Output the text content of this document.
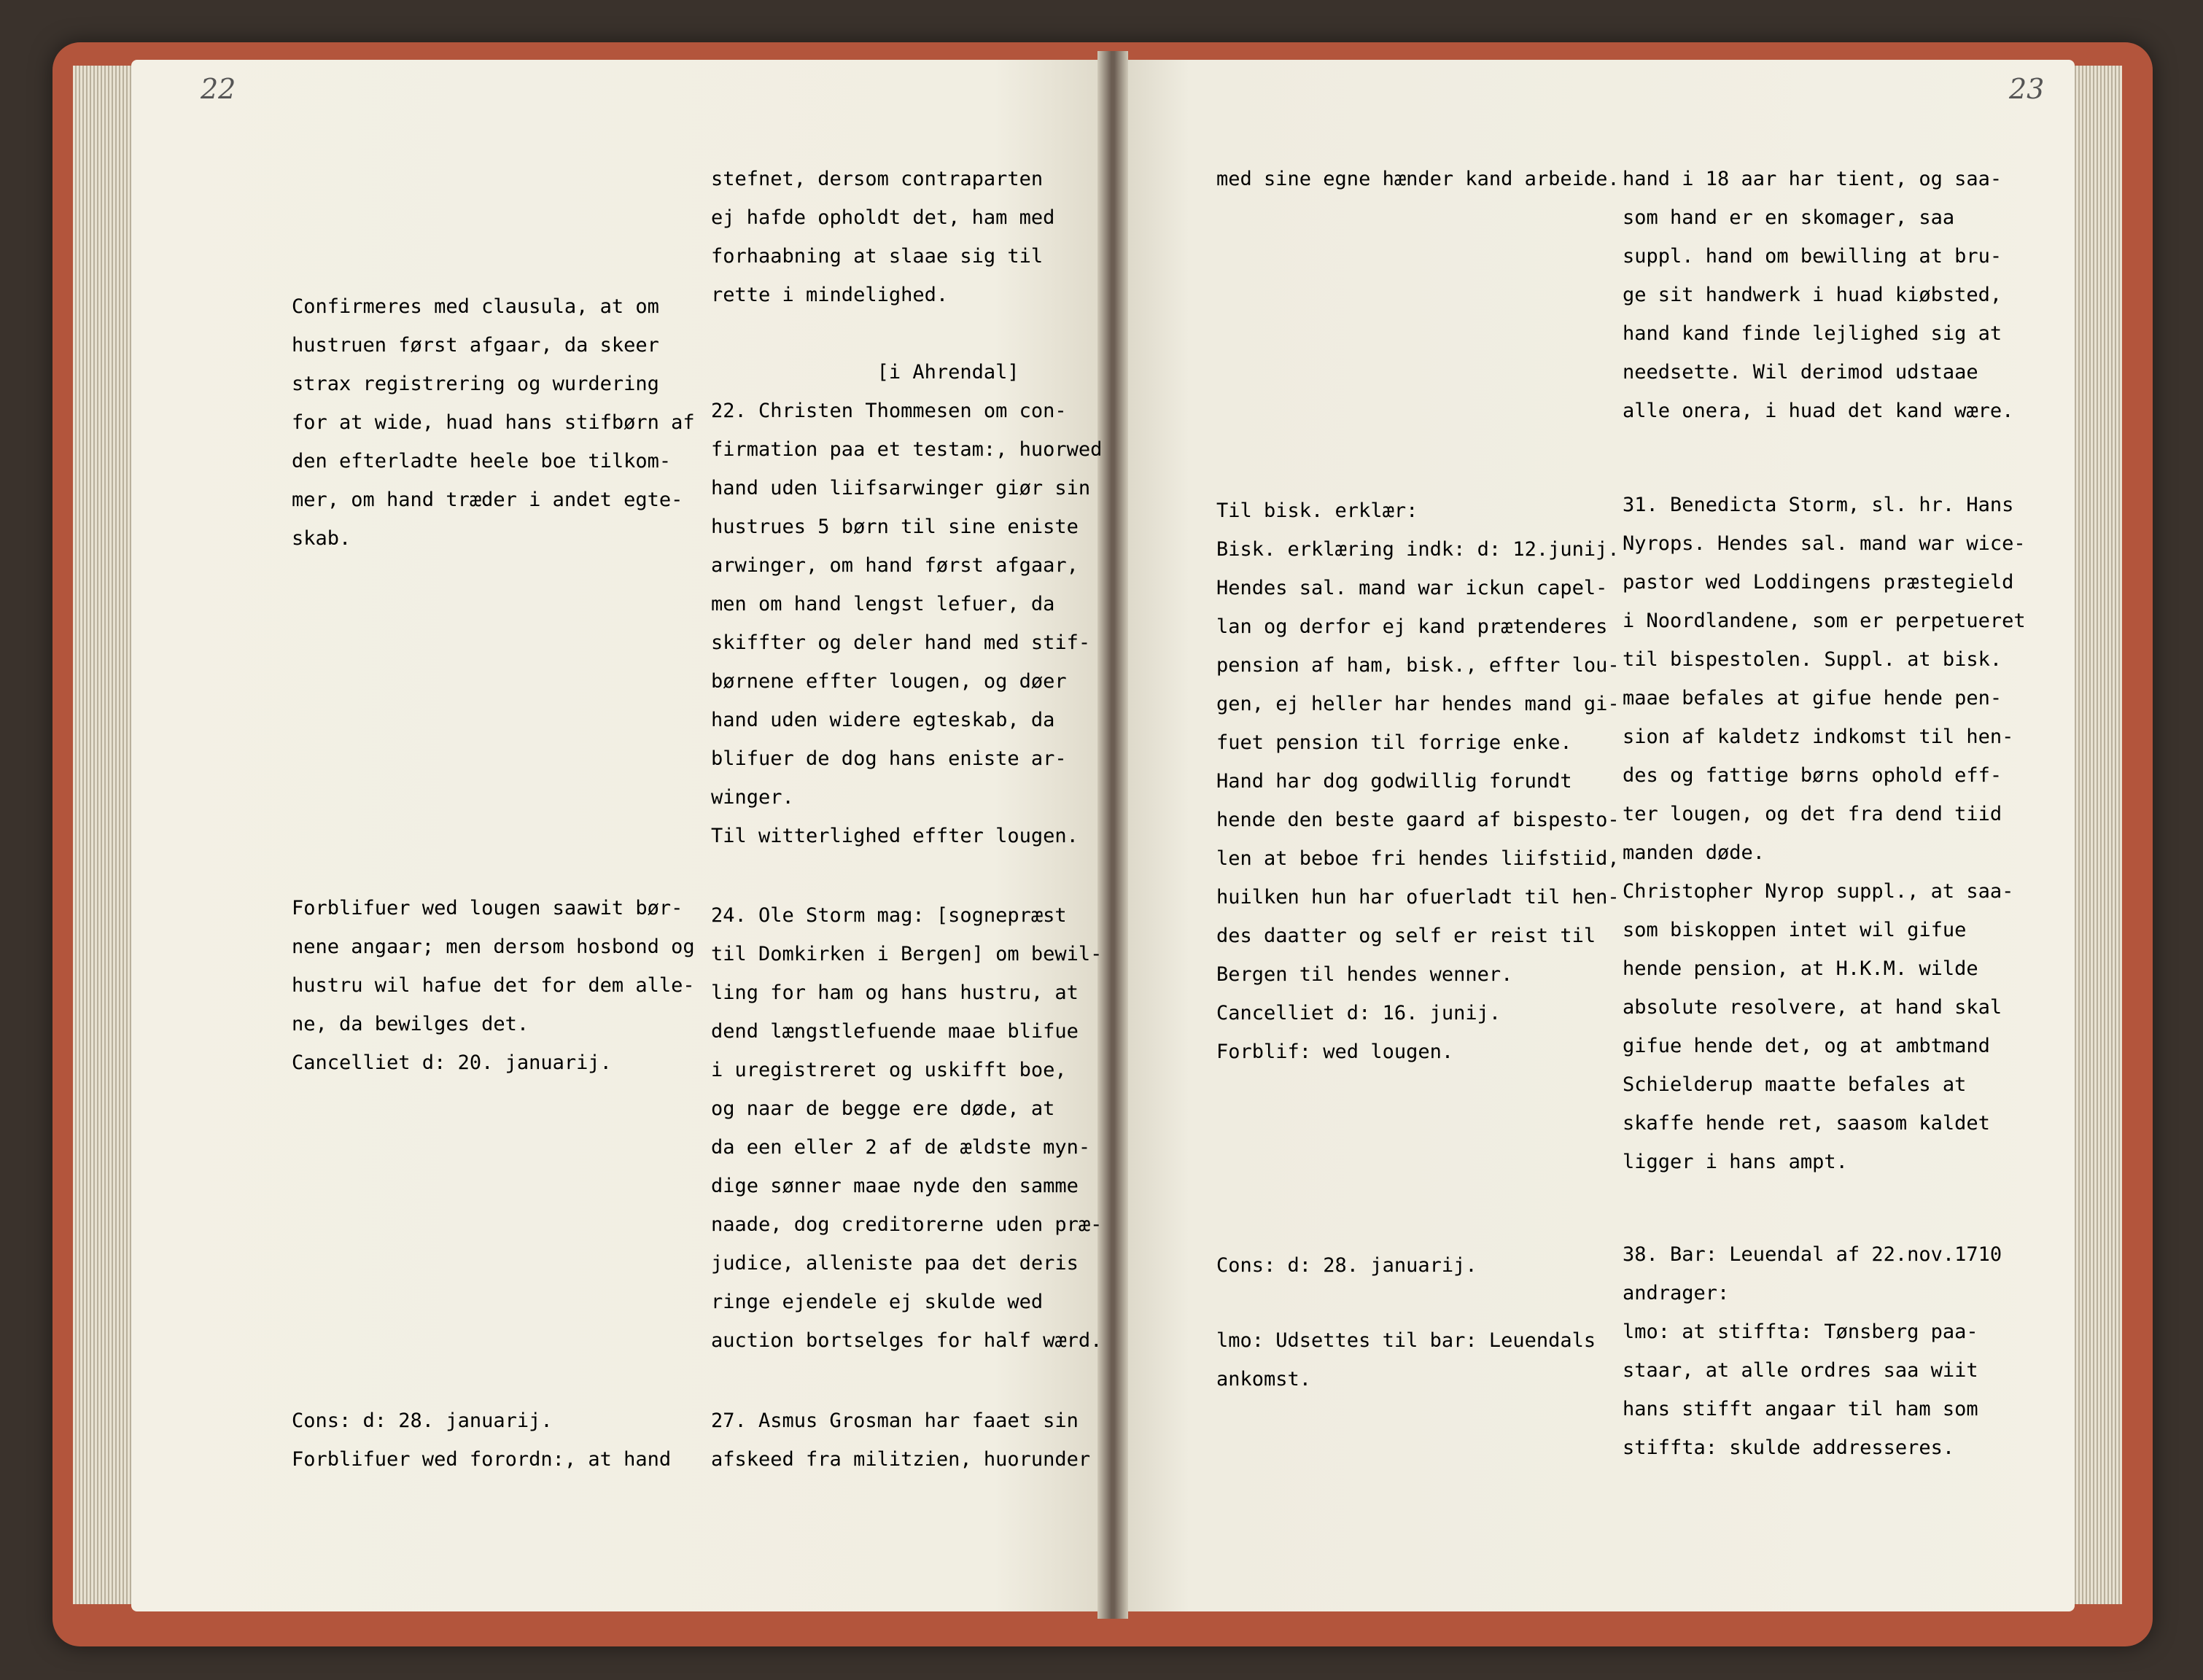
22	23

Confirmeres med clausula, at om

hustruen først afgaar, da skeer

strax registrering og wurdering

for at wide, huad hans stifbørn af

den efterladte heele boe tilkom-

mer, om hand træder i andet egte-

skab.

Forblifuer wed lougen saawit bør-

nene angaar; men dersom hosbond og

hustru wil hafue det for dem alle-

ne, da bewilges det.

Cancelliet d: 20. januarij.

Cons: d: 28. januarij.

Forblifuer wed forordn:, at hand

stefnet, dersom contraparten

ej hafde opholdt det, ham med

forhaabning at slaae sig til

rette i mindelighed.

[i Ahrendal]

22. Christen Thommesen om con-

firmation paa et testam:, huorwed

hand uden liifsarwinger giør sin

hustrues 5 børn til sine eniste

arwinger, om hand først afgaar,

men om hand lengst lefuer, da

skiffter og deler hand med stif-

børnene effter lougen, og døer

hand uden widere egteskab, da

blifuer de dog hans eniste ar-

winger.

Til witterlighed effter lougen.

24. Ole Storm mag: [sognepræst

til Domkirken i Bergen] om bewil-

ling for ham og hans hustru, at

dend længstlefuende maae blifue

i uregistreret og uskifft boe,

og naar de begge ere døde, at

da een eller 2 af de ældste myn-

dige sønner maae nyde den samme

naade, dog creditorerne uden præ-

judice, alleniste paa det deris

ringe ejendele ej skulde wed

auction bortselges for half wærd.

27. Asmus Grosman har faaet sin

afskeed fra militzien, huorunder

med sine egne hænder kand arbeide.

Til bisk. erklær:

Bisk. erklæring indk: d: 12.junij.

Hendes sal. mand war ickun capel-

lan og derfor ej kand prætenderes

pension af ham, bisk., effter lou-

gen, ej heller har hendes mand gi-

fuet pension til forrige enke.

Hand har dog godwillig forundt

hende den beste gaard af bispesto-

len at beboe fri hendes liifstiid,

huilken hun har ofuerladt til hen-

des daatter og self er reist til

Bergen til hendes wenner.

Cancelliet d: 16. junij.

Forblif: wed lougen.

Cons: d: 28. januarij.

lmo: Udsettes til bar: Leuendals

ankomst.

hand i 18 aar har tient, og saa-

som hand er en skomager, saa

suppl. hand om bewilling at bru-

ge sit handwerk i huad kiøbsted,

hand kand finde lejlighed sig at

needsette. Wil derimod udstaae

alle onera, i huad det kand wære.

31. Benedicta Storm, sl. hr. Hans

Nyrops. Hendes sal. mand war wice-

pastor wed Loddingens præstegield

i Noordlandene, som er perpetueret

til bispestolen. Suppl. at bisk.

maae befales at gifue hende pen-

sion af kaldetz indkomst til hen-

des og fattige børns ophold eff-

ter lougen, og det fra dend tiid

manden døde.

Christopher Nyrop suppl., at saa-

som biskoppen intet wil gifue

hende pension, at H.K.M. wilde

absolute resolvere, at hand skal

gifue hende det, og at ambtmand

Schielderup maatte befales at

skaffe hende ret, saasom kaldet

ligger i hans ampt.

38. Bar: Leuendal af 22.nov.1710

andrager:

lmo: at stiffta: Tønsberg paa-

staar, at alle ordres saa wiit

hans stifft angaar til ham som

stiffta: skulde addresseres.
